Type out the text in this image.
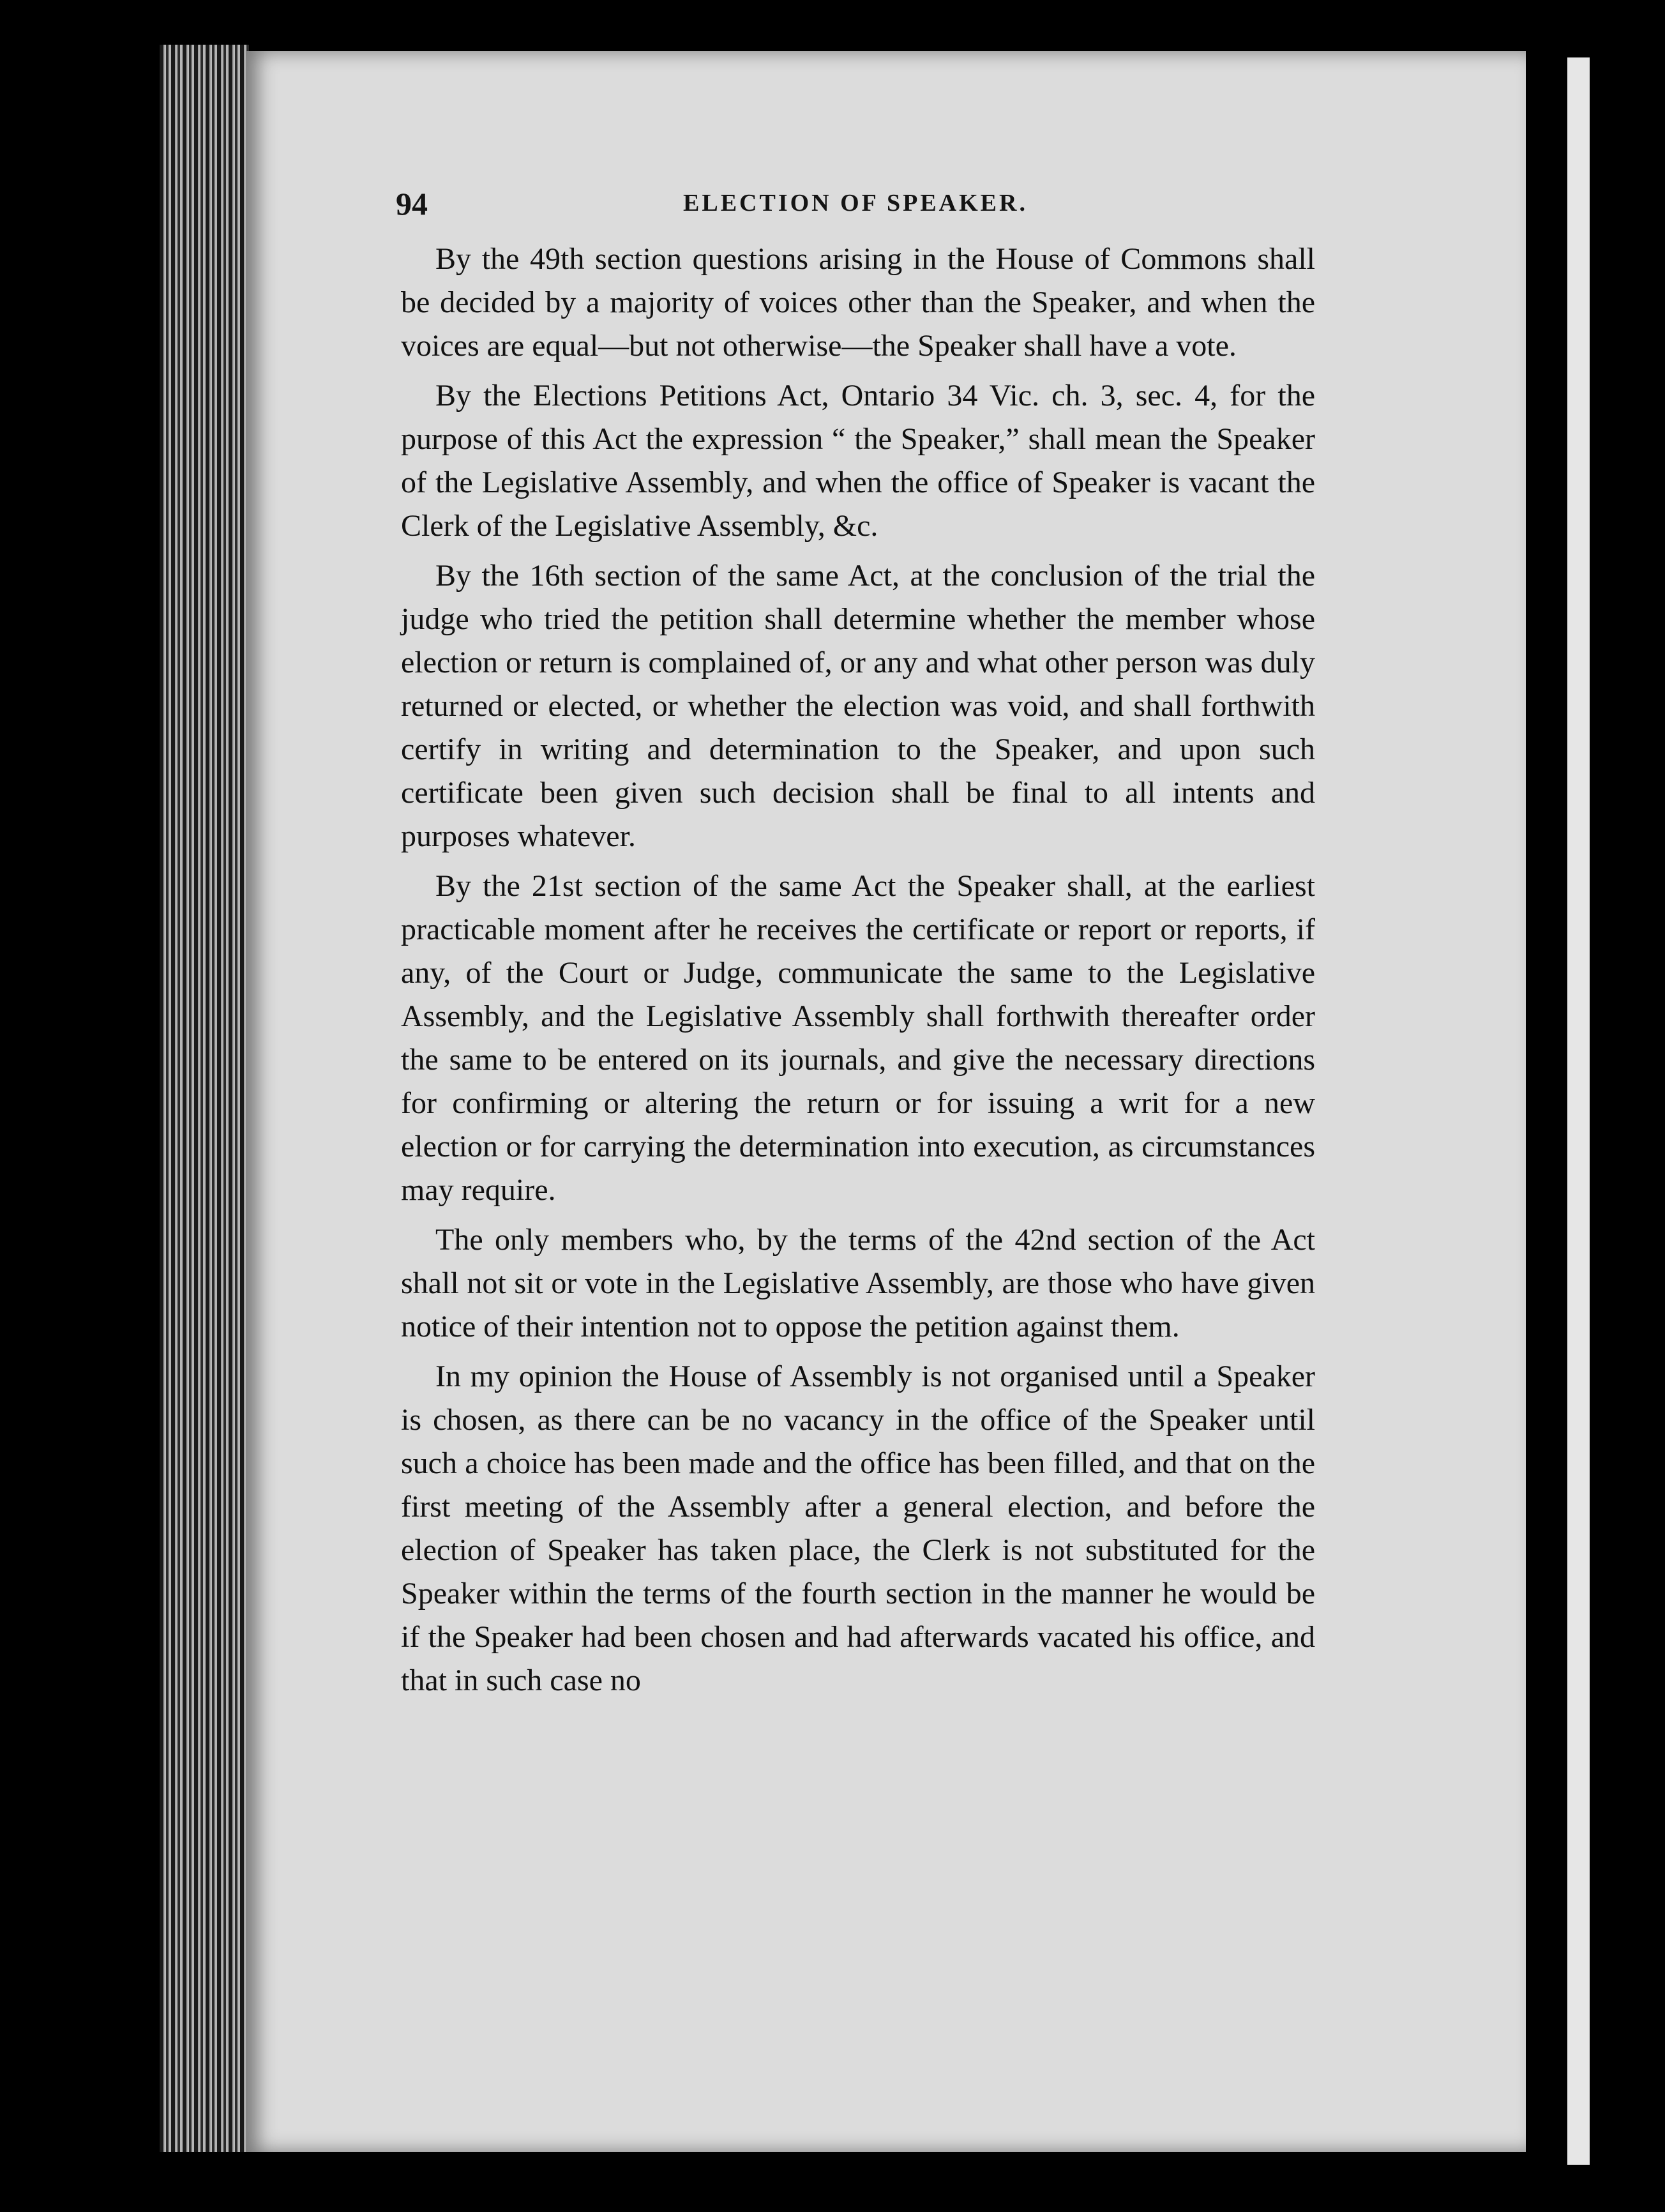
94	ELECTION OF SPEAKER.

By the 49th section questions arising in the House of Commons shall be decided by a majority of voices other than the Speaker, and when the voices are equal—but not otherwise—the Speaker shall have a vote.

By the Elections Petitions Act, Ontario 34 Vic. ch. 3, sec. 4, for the purpose of this Act the expression “ the Speaker,” shall mean the Speaker of the Legislative Assembly, and when the office of Speaker is vacant the Clerk of the Legislative Assembly, &c.

By the 16th section of the same Act, at the conclusion of the trial the judge who tried the petition shall determine whether the member whose election or return is complained of, or any and what other person was duly returned or elected, or whether the election was void, and shall forthwith certify in writing and determination to the Speaker, and upon such certificate been given such decision shall be final to all intents and purposes whatever.

By the 21st section of the same Act the Speaker shall, at the earliest practicable moment after he receives the certificate or report or reports, if any, of the Court or Judge, communicate the same to the Legislative Assembly, and the Legislative Assembly shall forthwith thereafter order the same to be entered on its journals, and give the necessary directions for confirming or altering the return or for issuing a writ for a new election or for carrying the determination into execution, as circumstances may require.

The only members who, by the terms of the 42nd section of the Act shall not sit or vote in the Legislative Assembly, are those who have given notice of their intention not to oppose the petition against them.

In my opinion the House of Assembly is not organised until a Speaker is chosen, as there can be no vacancy in the office of the Speaker until such a choice has been made and the office has been filled, and that on the first meeting of the Assembly after a general election, and before the election of Speaker has taken place, the Clerk is not substituted for the Speaker within the terms of the fourth section in the manner he would be if the Speaker had been chosen and had afterwards vacated his office, and that in such case no
